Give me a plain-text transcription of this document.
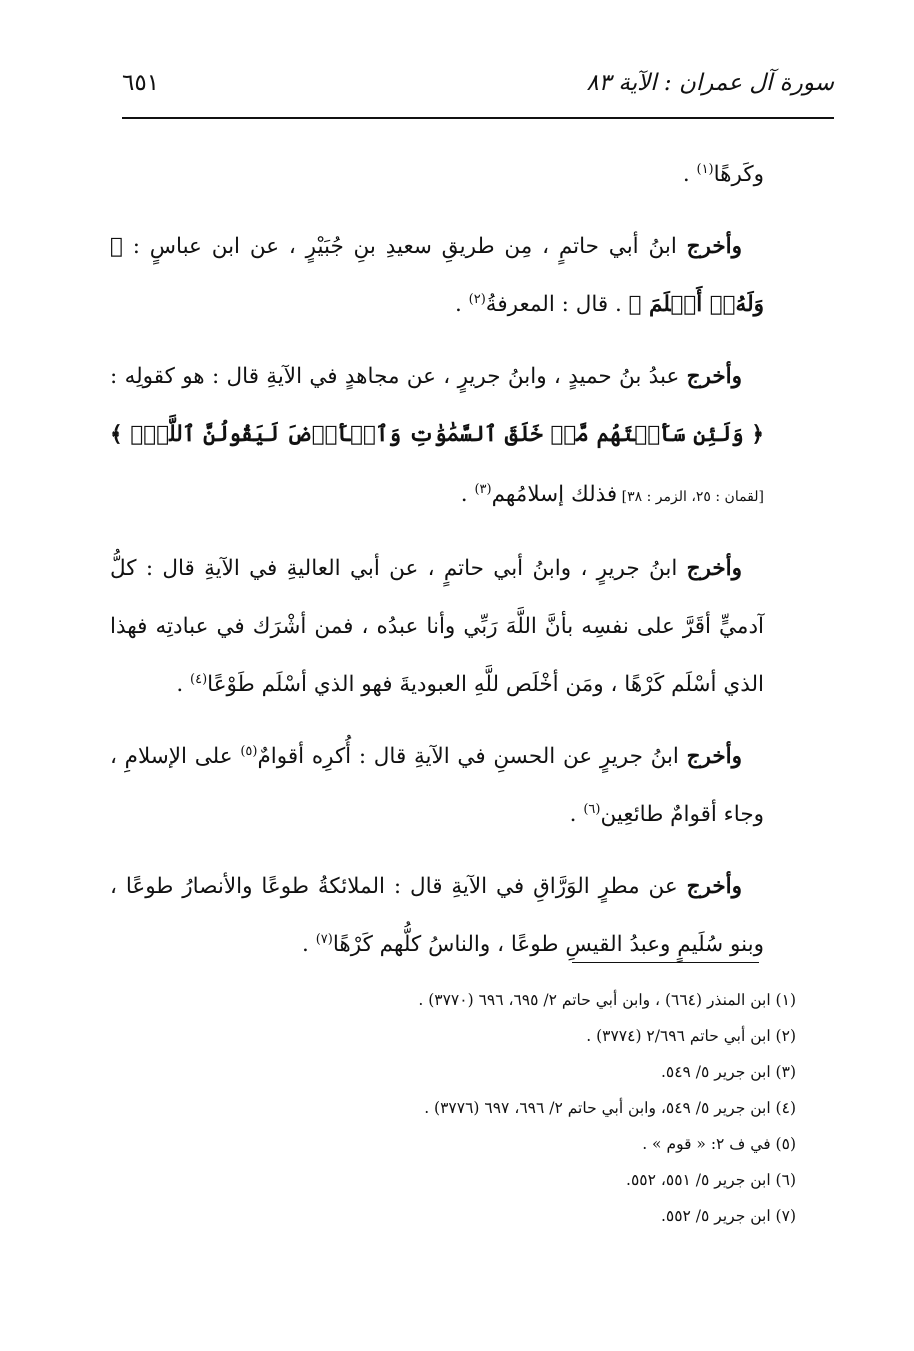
سورة آل عمران : الآية ٨٣
٦٥١

وكَرهًا$^{(١)}$ .

وأخرج ابنُ أبي حاتمٍ ، مِن طريقِ سعيدِ بنِ جُبَيْرٍ ، عن ابن عباسٍ : ﴿ وَلَهُۥٓ أَسۡلَمَ ﴾ . قال : المعرفةُ$^{(٢)}$ .

وأخرج عبدُ بنُ حميدٍ ، وابنُ جريرٍ ، عن مجاهدٍ في الآيةِ قال : هو كقولِه : ﴿ وَلَئِن سَأَلۡتَهُم مَّنۡ خَلَقَ ٱلسَّمَٰوَٰتِ وَٱلۡأَرۡضَ لَيَقُولُنَّ ٱللَّهُۚ ﴾ [لقمان : ٢٥، الزمر : ٣٨] فذلك إسلامُهم$^{(٣)}$ .

وأخرج ابنُ جريرٍ ، وابنُ أبي حاتمٍ ، عن أبي العاليةِ في الآيةِ قال : كلُّ آدميٍّ أقَرَّ على نفسِه بأنَّ اللَّهَ رَبِّي وأنا عبدُه ، فمن أشْرَك في عبادتِه فهذا الذي أسْلَم كَرْهًا ، ومَن أخْلَص للَّهِ العبوديةَ فهو الذي أسْلَم طَوْعًا$^{(٤)}$ .

وأخرج ابنُ جريرٍ عن الحسنِ في الآيةِ قال : أُكرِه أقوامٌ$^{(٥)}$ على الإسلامِ ، وجاء أقوامٌ طائعِين$^{(٦)}$ .

وأخرج عن مطرٍ الوَرَّاقِ في الآيةِ قال : الملائكةُ طوعًا والأنصارُ طوعًا ، وبنو سُلَيمٍ وعبدُ القيسِ طوعًا ، والناسُ كلُّهم كَرْهًا$^{(٧)}$ .

(١) ابن المنذر (٦٦٤) ، وابن أبي حاتم ٢/ ٦٩٥، ٦٩٦ (٣٧٧٠) .

(٢) ابن أبي حاتم ٢/٦٩٦ (٣٧٧٤) .

(٣) ابن جرير ٥/ ٥٤٩.

(٤) ابن جرير ٥/ ٥٤٩، وابن أبي حاتم ٢/ ٦٩٦، ٦٩٧ (٣٧٧٦) .

(٥) في ف ٢: « قوم » .

(٦) ابن جرير ٥/ ٥٥١، ٥٥٢.

(٧) ابن جرير ٥/ ٥٥٢.
